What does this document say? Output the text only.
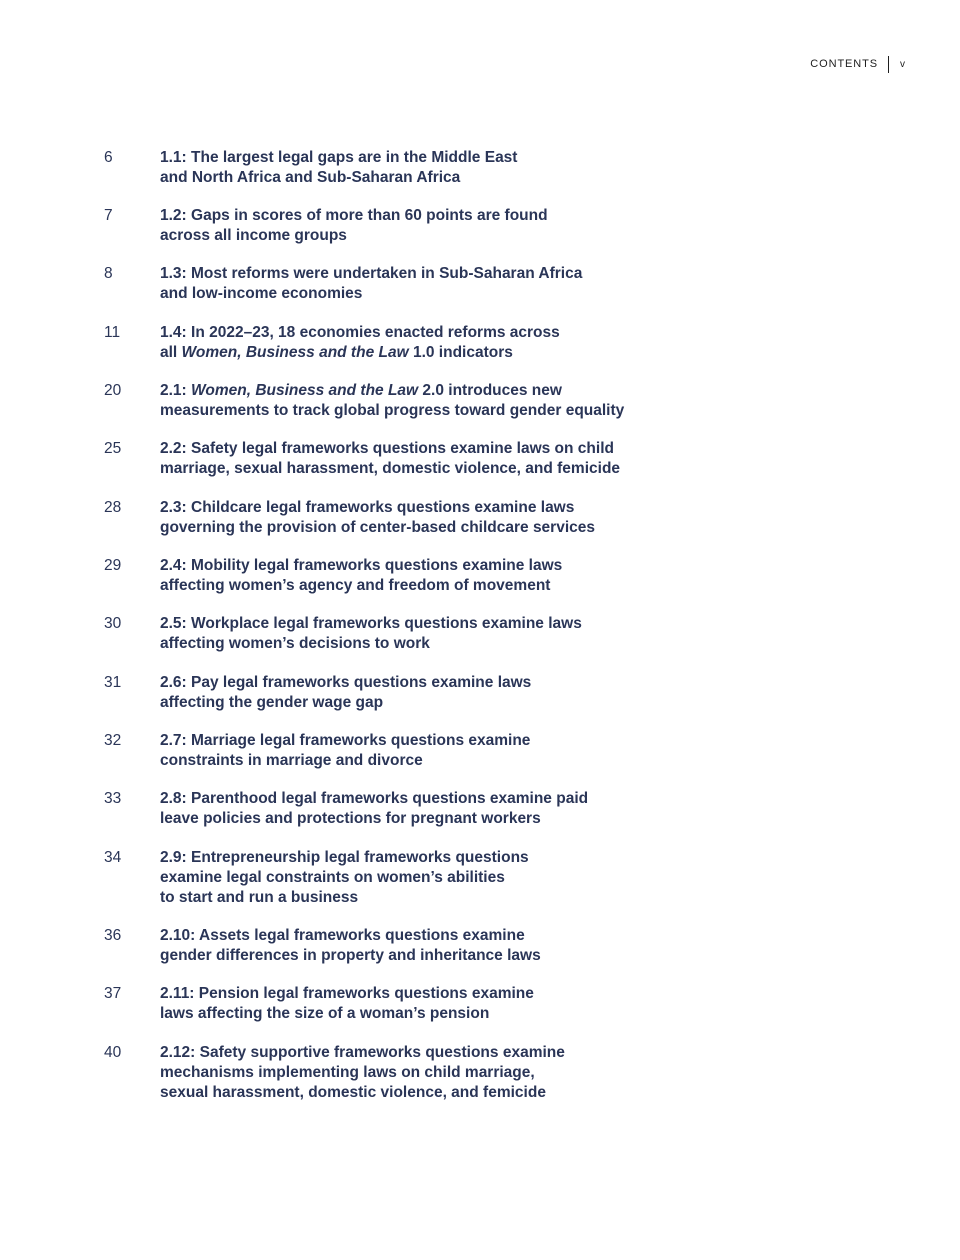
CONTENTS	v
6	1.1: The largest legal gaps are in the Middle East
and North Africa and Sub-Saharan Africa
7	1.2: Gaps in scores of more than 60 points are found
across all income groups
8	1.3: Most reforms were undertaken in Sub-Saharan Africa
and low-income economies
11	1.4: In 2022–23, 18 economies enacted reforms across
all Women, Business and the Law 1.0 indicators
20	2.1: Women, Business and the Law 2.0 introduces new
measurements to track global progress toward gender equality
25	2.2: Safety legal frameworks questions examine laws on child
marriage, sexual harassment, domestic violence, and femicide
28	2.3: Childcare legal frameworks questions examine laws
governing the provision of center-based childcare services
29	2.4: Mobility legal frameworks questions examine laws
affecting women’s agency and freedom of movement
30	2.5: Workplace legal frameworks questions examine laws
affecting women’s decisions to work
31	2.6: Pay legal frameworks questions examine laws
affecting the gender wage gap
32	2.7: Marriage legal frameworks questions examine
constraints in marriage and divorce
33	2.8: Parenthood legal frameworks questions examine paid
leave policies and protections for pregnant workers
34	2.9: Entrepreneurship legal frameworks questions
examine legal constraints on women’s abilities
to start and run a business
36	2.10: Assets legal frameworks questions examine
gender differences in property and inheritance laws
37	2.11: Pension legal frameworks questions examine
laws affecting the size of a woman’s pension
40	2.12: Safety supportive frameworks questions examine
mechanisms implementing laws on child marriage,
sexual harassment, domestic violence, and femicide
